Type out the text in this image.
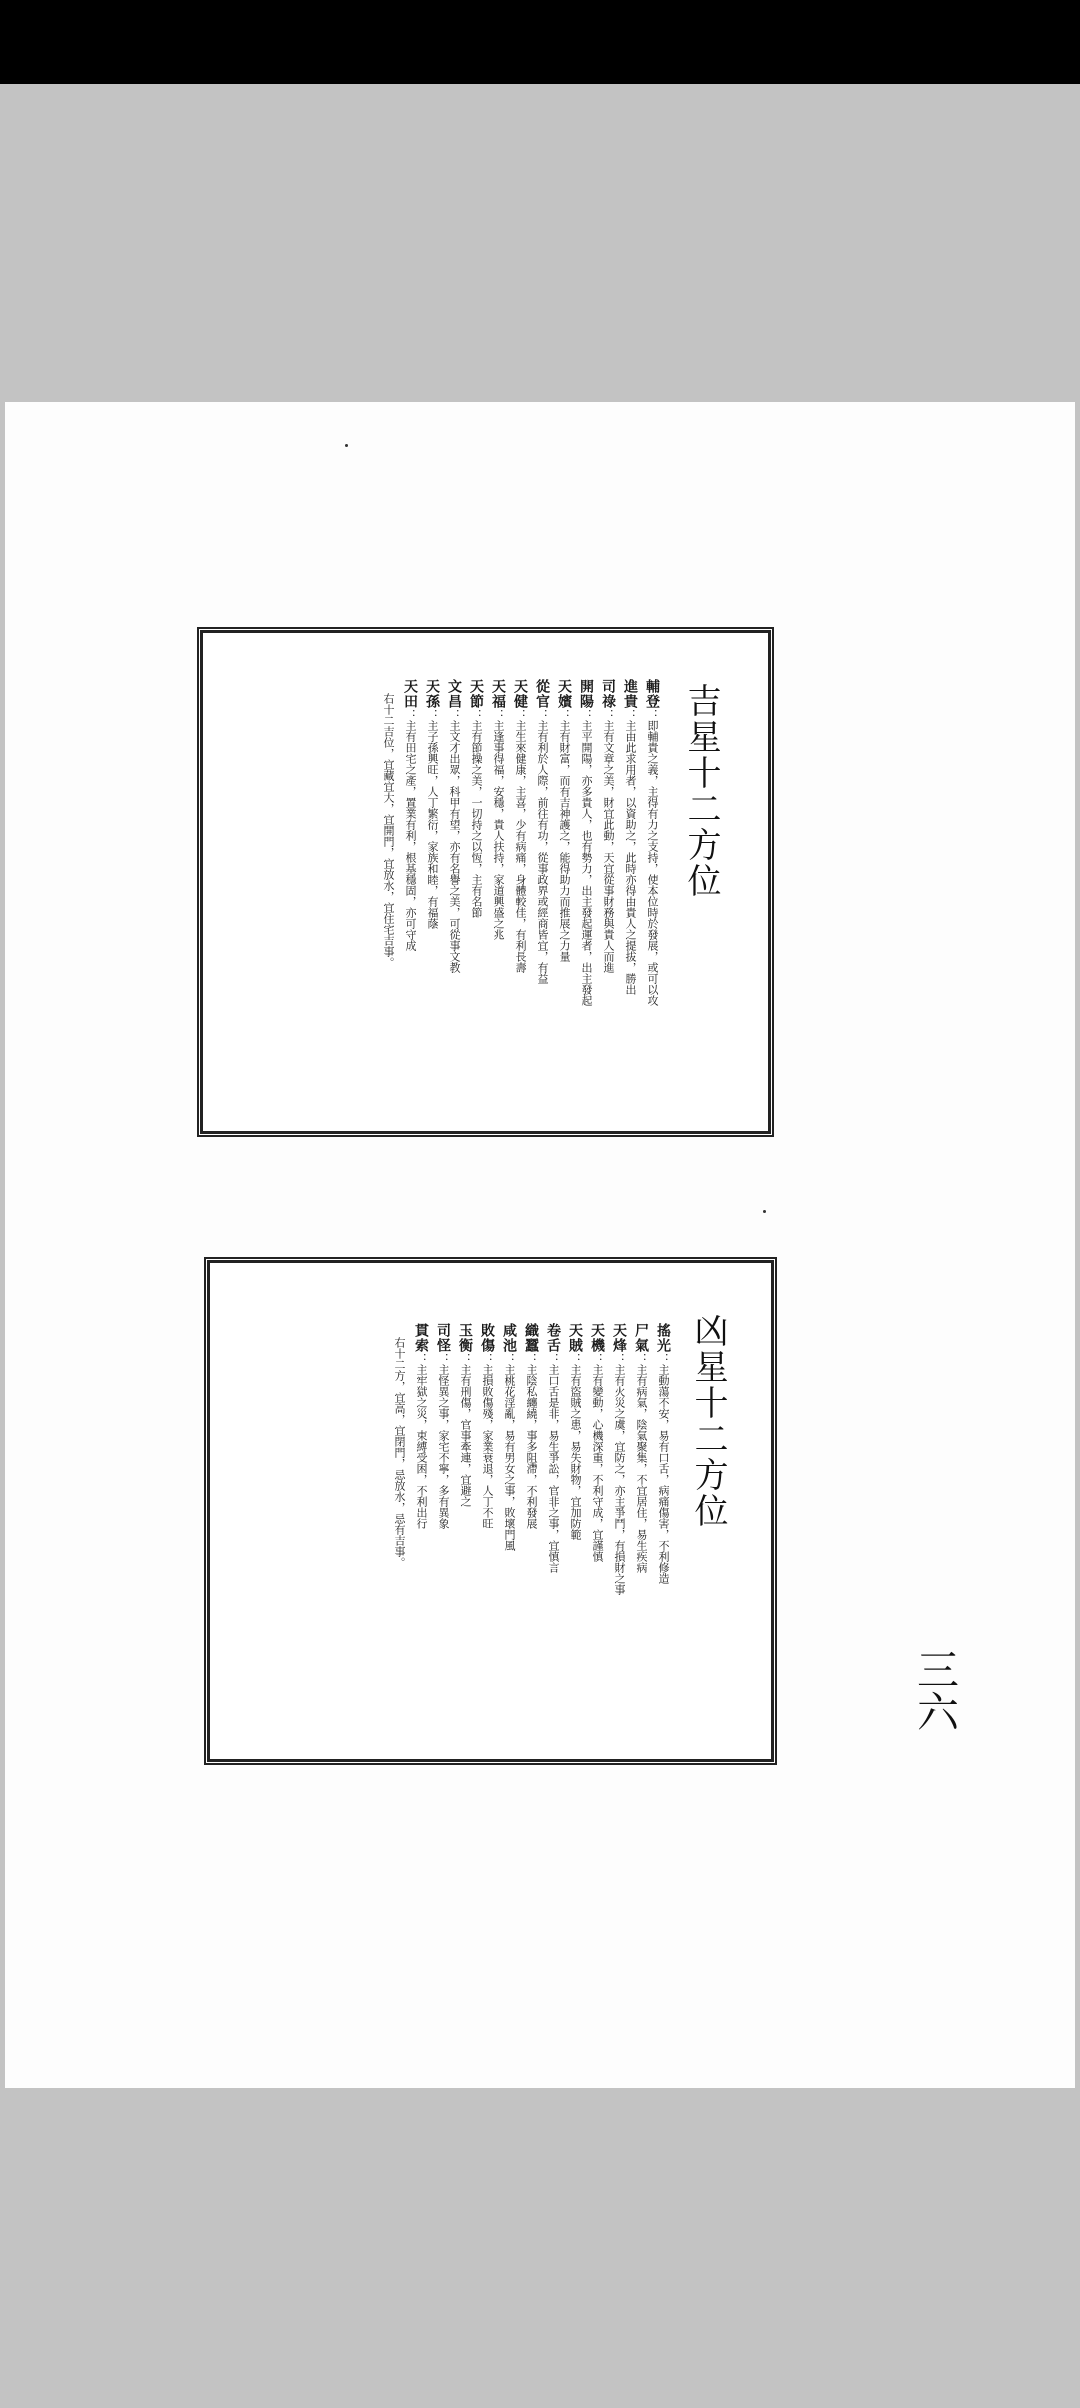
吉星十二方位
輔登：即輔貴之義，主得有力之支持，使本位時於發展，或可以攻
進貴：主由此求用者，以資助之，此時亦得由貴人之提拔，勝出
司祿：主有文章之美，財宜此動，天宜從事財務與貴人而進
開陽：主平開陽，亦多貴人，也有勢力，出主發起運者，出主發起
天嬪：主有財富，而有吉神護之，能得助力而推展之力量
從官：主有利於人際，前往有功，從事政界或經商皆宜，有益
天健：主生來健康，主喜，少有病痛，身體較佳，有利長壽
天福：主逢事得福，安穩，貴人扶持，家道興盛之兆
天節：主有節操之美，一切持之以恆，主有名節
文昌：主文才出眾，科甲有望，亦有名譽之美，可從事文教
天孫：主子孫興旺，人丁繁衍，家族和睦，有福蔭
天田：主有田宅之產，置業有利，根基穩固，亦可守成
右十二吉位，宜藏宜大，宜開門，宜放水，宜住宅吉事。
凶星十二方位
搖光：主動蕩不安，易有口舌，病痛傷害，不利修造
尸氣：主有病氣，陰氣聚集，不宜居住，易生疾病
天烽：主有火災之虞，宜防之，亦主爭鬥，有損財之事
天機：主有變動，心機深重，不利守成，宜謹慎
天賊：主有盜賊之患，易失財物，宜加防範
卷舌：主口舌是非，易生爭訟，官非之事，宜慎言
織蠶：主陰私纏繞，事多阻滯，不利發展
咸池：主桃花淫亂，易有男女之事，敗壞門風
敗傷：主損敗傷殘，家業衰退，人丁不旺
玉衡：主有刑傷，官事牽連，宜避之
司怪：主怪異之事，家宅不寧，多有異象
貫索：主牢獄之災，束縛受困，不利出行
右十二方，宜高，宜閉門，忌放水，忌有吉事。
三六
